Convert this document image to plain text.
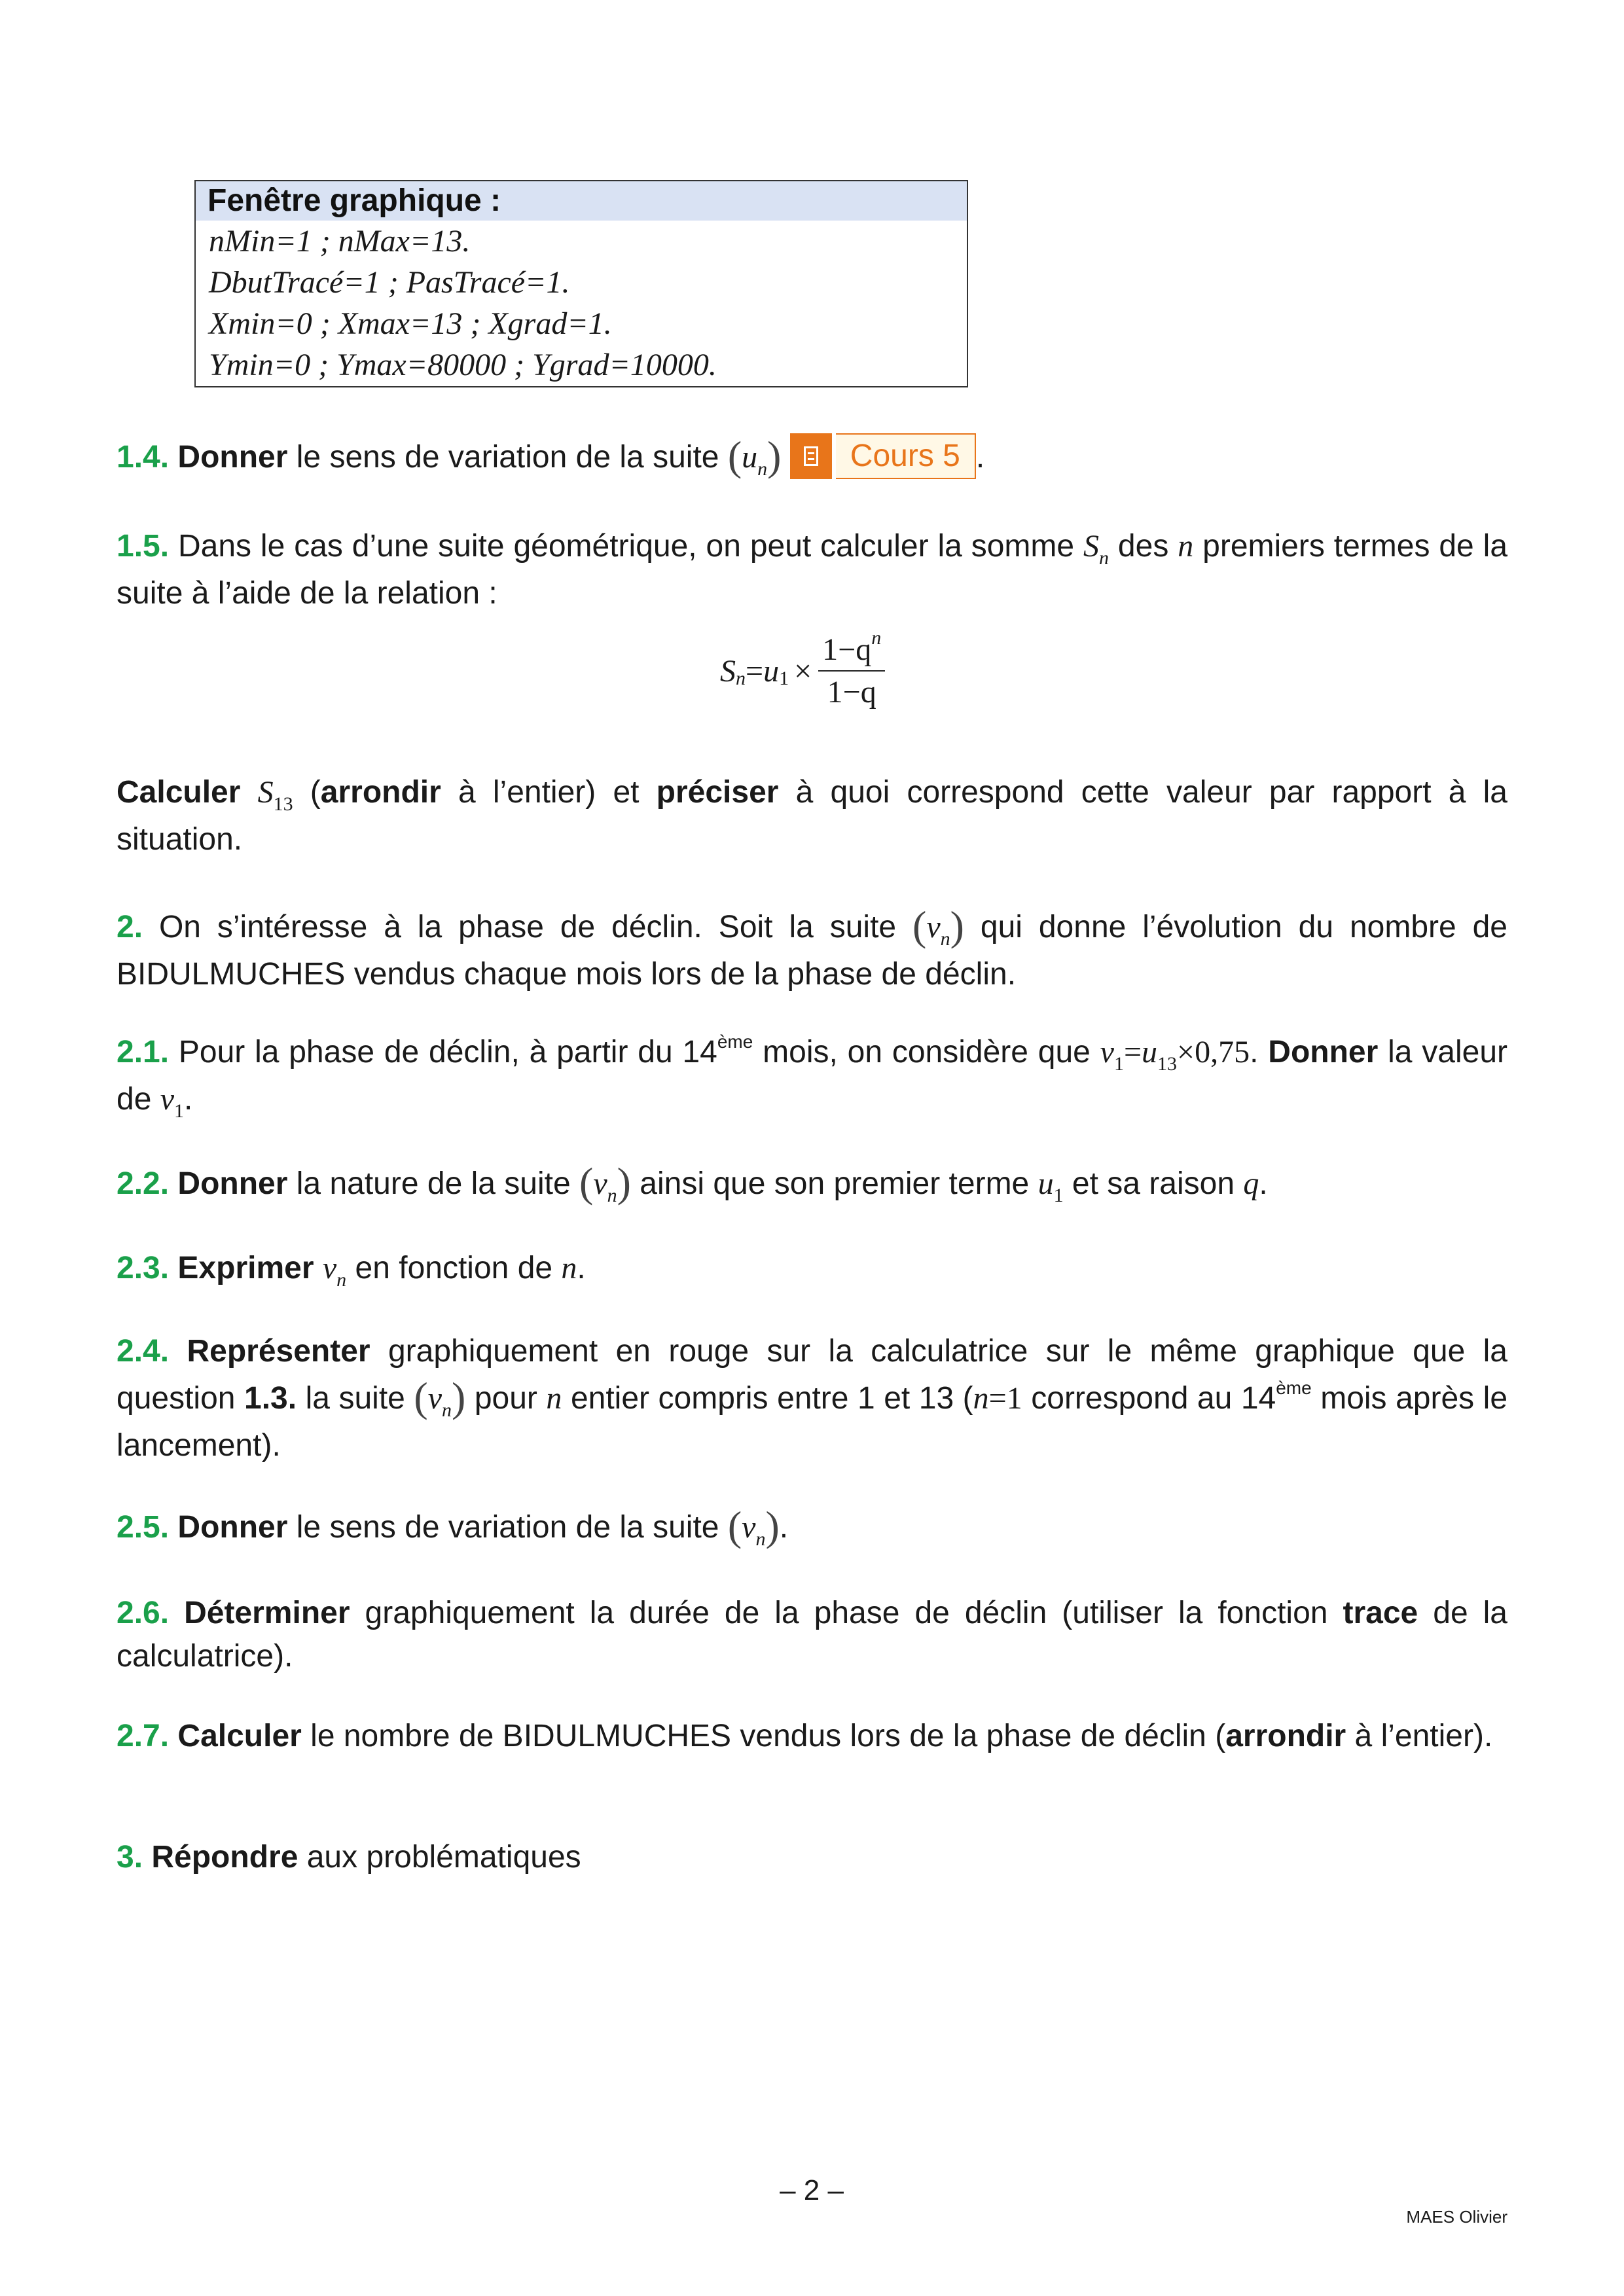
Fenêtre graphique :
nMin=1 ; nMax=13.
DbutTracé=1 ; PasTracé=1.
Xmin=0 ; Xmax=13 ; Xgrad=1.
Ymin=0 ; Ymax=80000 ; Ygrad=10000.
1.4. Donner le sens de variation de la suite $(u_n)$	Cours 5 .
1.5. Dans le cas d’une suite géométrique, on peut calculer la somme $S_n$ des n premiers termes de la suite à l’aide de la relation :
S n = u $1 \times \frac{1-qn}{1-q}$
Calculer $S_{13}$ (arrondir à l’entier) et préciser à quoi correspond cette valeur par rapport à la situation.
2. On s’intéresse à la phase de déclin. Soit la suite $(v_n)$ qui donne l’évolution du nombre de BIDULMUCHES vendus chaque mois lors de la phase de déclin.
2.1. Pour la phase de déclin, à partir du 14ème mois, on considère que $v_1=u_{13}\times 0,75$. Donner la valeur de $v_1$.
2.2. Donner la nature de la suite $(v_n)$ ainsi que son premier terme $u_1$ et sa raison q.
2.3. Exprimer $v_n$ en fonction de n.
2.4. Représenter graphiquement en rouge sur la calculatrice sur le même graphique que la question 1.3. la suite $(v_n)$ pour n entier compris entre 1 et 13 (n=1 correspond au 14ème mois après le lancement).
2.5. Donner le sens de variation de la suite $(v_n)$.
2.6. Déterminer graphiquement la durée de la phase de déclin (utiliser la fonction trace de la calculatrice).
2.7. Calculer le nombre de BIDULMUCHES vendus lors de la phase de déclin (arrondir à l’entier).
3. Répondre aux problématiques
– 2 –
MAES Olivier
